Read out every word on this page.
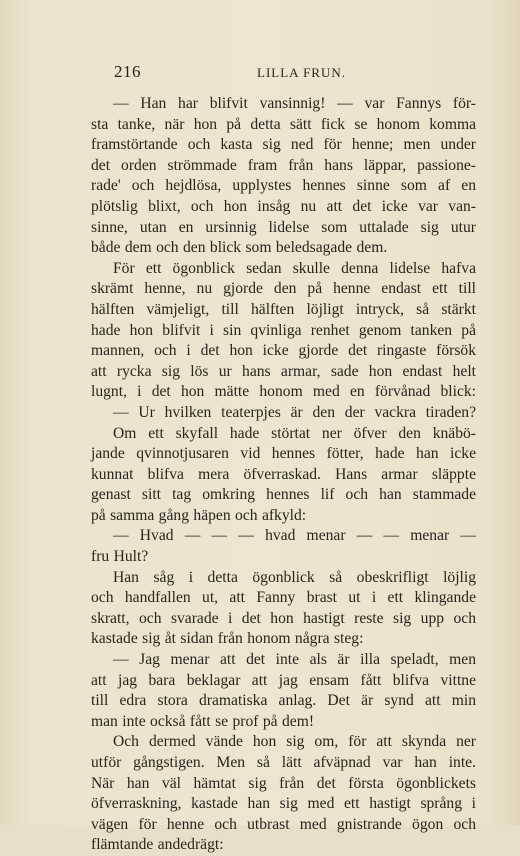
216	LILLA FRUN.
— Han har blifvit vansinnig! — var Fannys för-
sta tanke, när hon på detta sätt fick se honom komma
framstörtande och kasta sig ned för henne; men under
det orden strömmade fram från hans läppar, passione-
rade' och hejdlösa, upplystes hennes sinne som af en
plötslig blixt, och hon insåg nu att det icke var van-
sinne, utan en ursinnig lidelse som uttalade sig utur
både dem och den blick som beledsagade dem.
För ett ögonblick sedan skulle denna lidelse hafva
skrämt henne, nu gjorde den på henne endast ett till
hälften vämjeligt, till hälften löjligt intryck, så stärkt
hade hon blifvit i sin qvinliga renhet genom tanken på
mannen, och i det hon icke gjorde det ringaste försök
att rycka sig lös ur hans armar, sade hon endast helt
lugnt, i det hon mätte honom med en förvånad blick:
— Ur hvilken teaterpjes är den der vackra tiraden?
Om ett skyfall hade störtat ner öfver den knäbö-
jande qvinnotjusaren vid hennes fötter, hade han icke
kunnat blifva mera öfverraskad. Hans armar släppte
genast sitt tag omkring hennes lif och han stammade
på samma gång häpen och afkyld:
— Hvad — — — hvad menar — — menar —
fru Hult?
Han såg i detta ögonblick så obeskrifligt löjlig
och handfallen ut, att Fanny brast ut i ett klingande
skratt, och svarade i det hon hastigt reste sig upp och
kastade sig åt sidan från honom några steg:
— Jag menar att det inte als är illa speladt, men
att jag bara beklagar att jag ensam fått blifva vittne
till edra stora dramatiska anlag. Det är synd att min
man inte också fått se prof på dem!
Och dermed vände hon sig om, för att skynda ner
utför gångstigen. Men så lätt afväpnad var han inte.
När han väl hämtat sig från det första ögonblickets
öfverraskning, kastade han sig med ett hastigt språng i
vägen för henne och utbrast med gnistrande ögon och
flämtande andedrägt:
